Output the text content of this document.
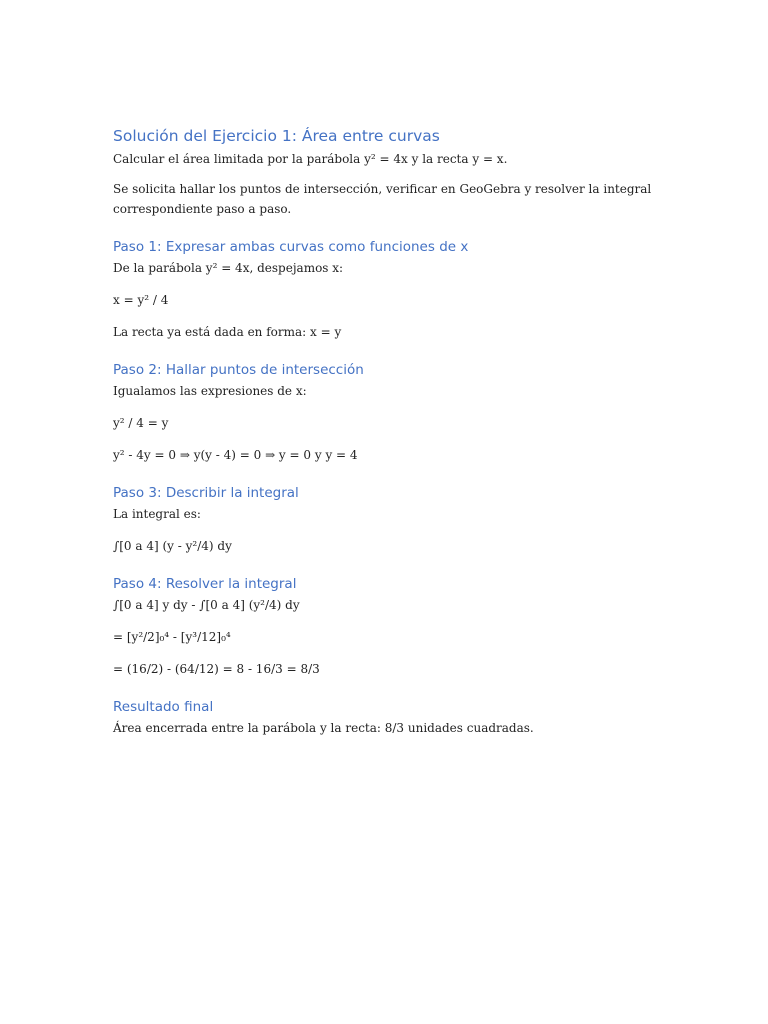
Solución del Ejercicio 1: Área entre curvas

Calcular el área limitada por la parábola y² = 4x y la recta y = x.

Se solicita hallar los puntos de intersección, verificar en GeoGebra y resolver la integral correspondiente paso a paso.

Paso 1: Expresar ambas curvas como funciones de x

De la parábola y² = 4x, despejamos x:

x = y² / 4

La recta ya está dada en forma: x = y

Paso 2: Hallar puntos de intersección

Igualamos las expresiones de x:

y² / 4 = y

y² - 4y = 0 ⇒ y(y - 4) = 0 ⇒ y = 0 y y = 4

Paso 3: Describir la integral

La integral es:

∫[0 a 4] (y - y²/4) dy

Paso 4: Resolver la integral

∫[0 a 4] y dy - ∫[0 a 4] (y²/4) dy

= [y²/2]₀⁴ - [y³/12]₀⁴

= (16/2) - (64/12) = 8 - 16/3 = 8/3

Resultado final

Área encerrada entre la parábola y la recta: 8/3 unidades cuadradas.
